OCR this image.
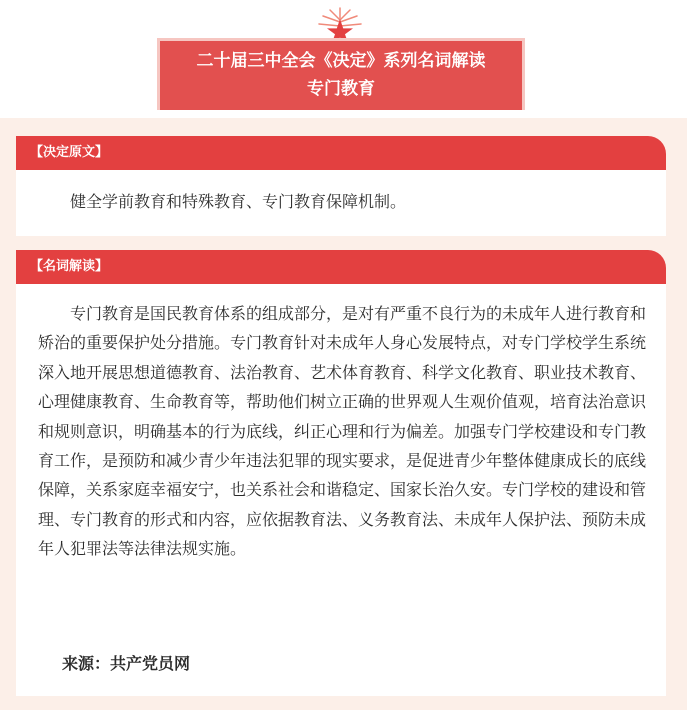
二十届三中全会《决定》系列名词解读
专门教育
【决定原文】

健全学前教育和特殊教育、专门教育保障机制。

【名词解读】

专门教育是国民教育体系的组成部分，是对有严重不良行为的未成年人进行教育和矫治的重要保护处分措施。专门教育针对未成年人身心发展特点，对专门学校学生系统深入地开展思想道德教育、法治教育、艺术体育教育、科学文化教育、职业技术教育、心理健康教育、生命教育等，帮助他们树立正确的世界观人生观价值观，培育法治意识和规则意识，明确基本的行为底线，纠正心理和行为偏差。加强专门学校建设和专门教育工作，是预防和减少青少年违法犯罪的现实要求，是促进青少年整体健康成长的底线保障，关系家庭幸福安宁，也关系社会和谐稳定、国家长治久安。专门学校的建设和管理、专门教育的形式和内容，应依据教育法、义务教育法、未成年人保护法、预防未成年人犯罪法等法律法规实施。

来源：共产党员网
